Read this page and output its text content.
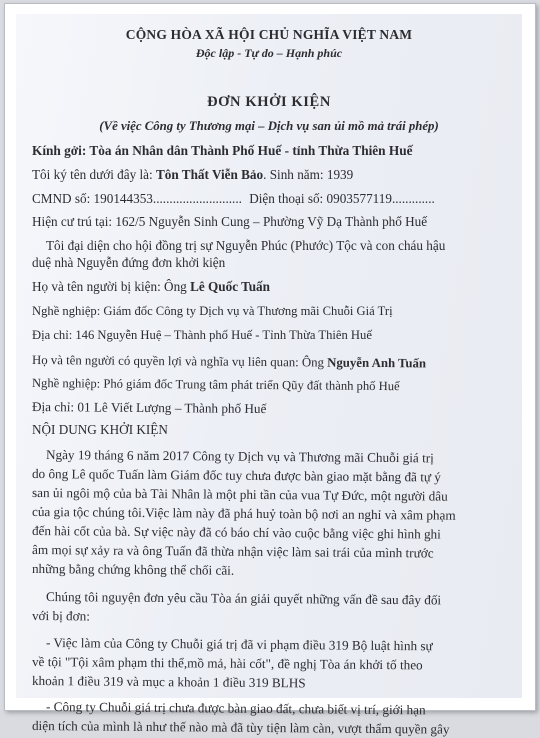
CỘNG HÒA XÃ HỘI CHỦ NGHĨA VIỆT NAM
Độc lập - Tự do – Hạnh phúc
ĐƠN KHỞI KIỆN
(Về việc Công ty Thương mại – Dịch vụ san ủi mồ mả trái phép)
Kính gởi: Tòa án Nhân dân Thành Phố Huế - tỉnh Thừa Thiên Huế
Tôi ký tên dưới đây là: Tôn Thất Viễn Bảo. Sinh năm: 1939
CMND số: 190144353........................... Diện thoại số: 0903577119.............
Hiện cư trú tại: 162/5 Nguyễn Sinh Cung – Phường Vỹ Dạ Thành phố Huế
Tôi đại diện cho hội đồng trị sự Nguyễn Phúc (Phước) Tộc và con cháu hậu
duệ nhà Nguyễn đứng đơn khởi kiện
Họ và tên người bị kiện: Ông Lê Quốc Tuấn
Nghề nghiệp: Giám đốc Công ty Dịch vụ và Thương mãi Chuỗi Giá Trị
Địa chỉ: 146 Nguyễn Huệ – Thành phố Huế - Tỉnh Thừa Thiên Huế
Họ và tên người có quyền lợi và nghĩa vụ liên quan: Ông Nguyễn Anh Tuấn
Nghề nghiệp: Phó giám đốc Trung tâm phát triển Qũy đất thành phố Huế
Địa chỉ: 01 Lê Viết Lượng – Thành phố Huế
NỘI DUNG KHỞI KIỆN
Ngày 19 tháng 6 năm 2017 Công ty Dịch vụ và Thương mãi Chuỗi giá trị
do ông Lê quốc Tuấn làm Giám đốc tuy chưa được bàn giao mặt bằng đã tự ý
san ủi ngôi mộ của bà Tài Nhân là một phi tần của vua Tự Đức, một người dâu
của gia tộc chúng tôi.Việc làm này đã phá huỷ toàn bộ nơi an nghỉ và xâm phạm
đến hài cốt của bà. Sự việc này đã có báo chí vào cuộc bằng việc ghi hình ghi
âm mọi sự xảy ra và ông Tuấn đã thừa nhận việc làm sai trái của mình trước
những bằng chứng không thể chối cãi.
Chúng tôi nguyện đơn yêu cầu Tòa án giải quyết những vấn đề sau đây đối
với bị đơn:
- Việc làm của Công ty Chuỗi giá trị đã vi phạm điều 319 Bộ luật hình sự
về tội "Tội xâm phạm thi thể,mồ mả, hài cốt", đề nghị Tòa án khởi tố theo
khoản 1 điều 319 và mục a khoản 1 điều 319 BLHS
- Công ty Chuỗi giá trị chưa được bàn giao đất, chưa biết vị trí, giới hạn
diện tích của mình là như thế nào mà đã tùy tiện làm càn, vượt thẩm quyền gây
